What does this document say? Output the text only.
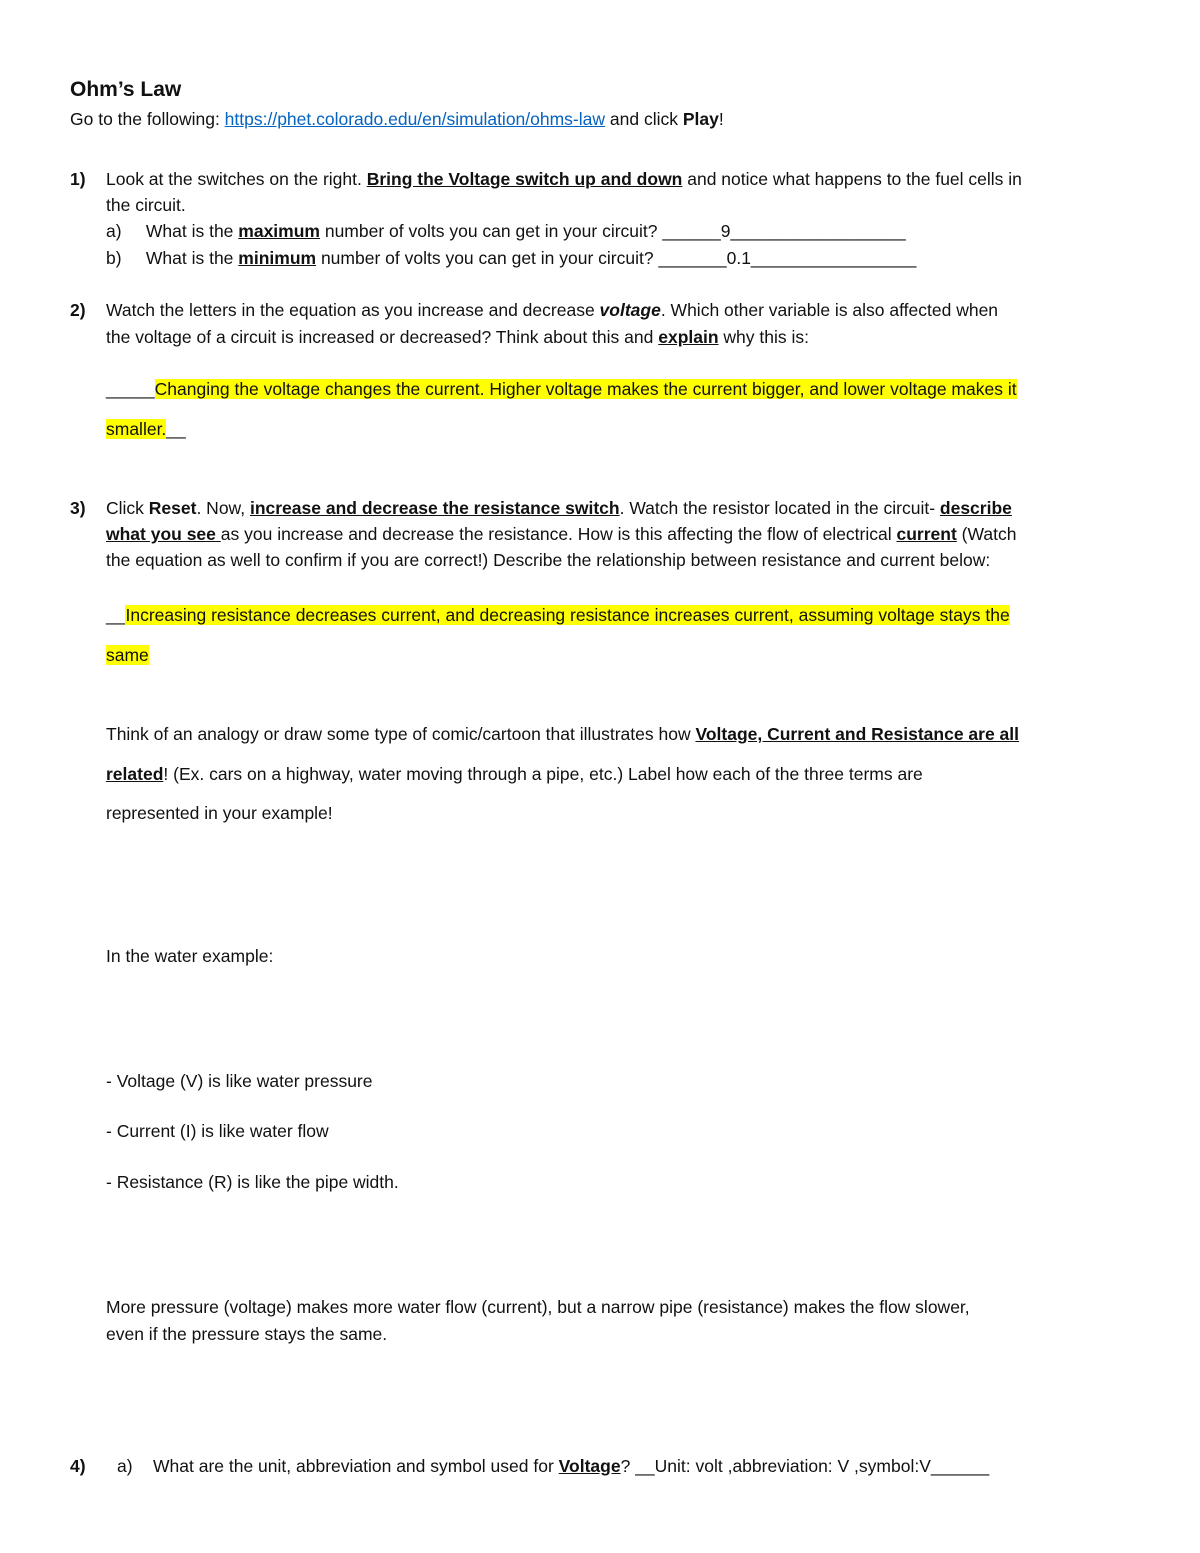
Ohm’s Law
Go to the following: https://phet.colorado.edu/en/simulation/ohms-law and click Play!
1) Look at the switches on the right. Bring the Voltage switch up and down and notice what happens to the fuel cells in
the circuit.
a) What is the maximum number of volts you can get in your circuit? ______9__________________
b) What is the minimum number of volts you can get in your circuit? _______0.1_________________
2) Watch the letters in the equation as you increase and decrease voltage. Which other variable is also affected when
the voltage of a circuit is increased or decreased? Think about this and explain why this is:
_____Changing the voltage changes the current. Higher voltage makes the current bigger, and lower voltage makes it
smaller.__
3) Click Reset. Now, increase and decrease the resistance switch. Watch the resistor located in the circuit- describe
what you see as you increase and decrease the resistance. How is this affecting the flow of electrical current (Watch
the equation as well to confirm if you are correct!) Describe the relationship between resistance and current below:
__Increasing resistance decreases current, and decreasing resistance increases current, assuming voltage stays the
same
Think of an analogy or draw some type of comic/cartoon that illustrates how Voltage, Current and Resistance are all
related! (Ex. cars on a highway, water moving through a pipe, etc.) Label how each of the three terms are
represented in your example!
In the water example:
- Voltage (V) is like water pressure
- Current (I) is like water flow
- Resistance (R) is like the pipe width.
More pressure (voltage) makes more water flow (current), but a narrow pipe (resistance) makes the flow slower,
even if the pressure stays the same.
4) a) What are the unit, abbreviation and symbol used for Voltage? __Unit: volt ,abbreviation: V ,symbol:V______
